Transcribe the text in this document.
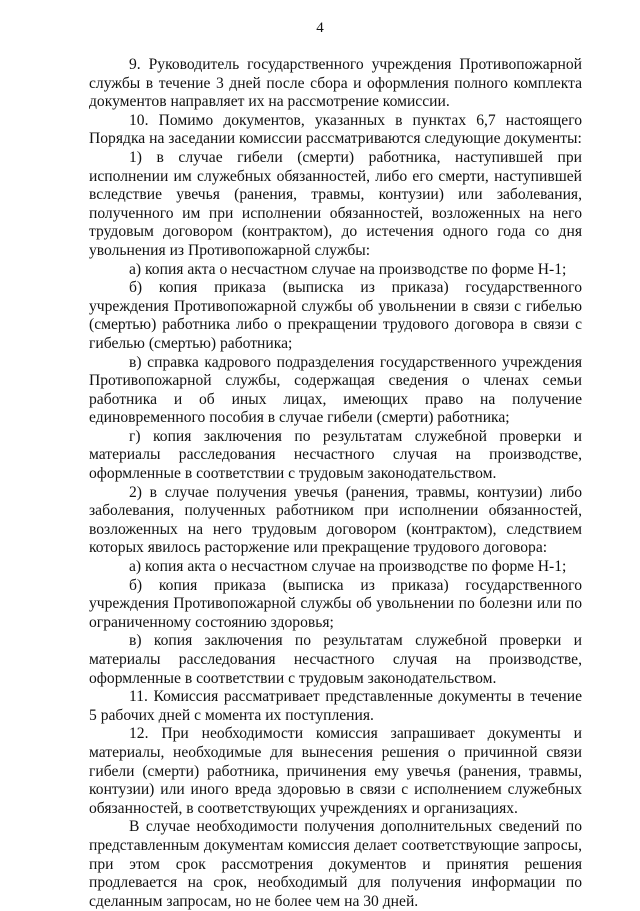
4

9. Руководитель государственного учреждения Противопожарной службы в течение 3 дней после сбора и оформления полного комплекта документов направляет их на рассмотрение комиссии.

10. Помимо документов, указанных в пунктах 6,7 настоящего Порядка на заседании комиссии рассматриваются следующие документы:

1) в случае гибели (смерти) работника, наступившей при исполнении им служебных обязанностей, либо его смерти, наступившей вследствие увечья (ранения, травмы, контузии) или заболевания, полученного им при исполнении обязанностей, возложенных на него трудовым договором (контрактом), до истечения одного года со дня увольнения из Противопожарной службы:

а) копия акта о несчастном случае на производстве по форме Н-1;

б) копия приказа (выписка из приказа) государственного учреждения Противопожарной службы об увольнении в связи с гибелью (смертью) работника либо о прекращении трудового договора в связи с гибелью (смертью) работника;

в) справка кадрового подразделения государственного учреждения Противопожарной службы, содержащая сведения о членах семьи работника и об иных лицах, имеющих право на получение единовременного пособия в случае гибели (смерти) работника;

г) копия заключения по результатам служебной проверки и материалы расследования несчастного случая на производстве, оформленные в соответствии с трудовым законодательством.

2) в случае получения увечья (ранения, травмы, контузии) либо заболевания, полученных работником при исполнении обязанностей, возложенных на него трудовым договором (контрактом), следствием которых явилось расторжение или прекращение трудового договора:

а) копия акта о несчастном случае на производстве по форме Н-1;

б) копия приказа (выписка из приказа) государственного учреждения Противопожарной службы об увольнении по болезни или по ограниченному состоянию здоровья;

в) копия заключения по результатам служебной проверки и материалы расследования несчастного случая на производстве, оформленные в соответствии с трудовым законодательством.

11. Комиссия рассматривает представленные документы в течение 5 рабочих дней с момента их поступления.

12. При необходимости комиссия запрашивает документы и материалы, необходимые для вынесения решения о причинной связи гибели (смерти) работника, причинения ему увечья (ранения, травмы, контузии) или иного вреда здоровью в связи с исполнением служебных обязанностей, в соответствующих учреждениях и организациях.

В случае необходимости получения дополнительных сведений по представленным документам комиссия делает соответствующие запросы, при этом срок рассмотрения документов и принятия решения продлевается на срок, необходимый для получения информации по сделанным запросам, но не более чем на 30 дней.
